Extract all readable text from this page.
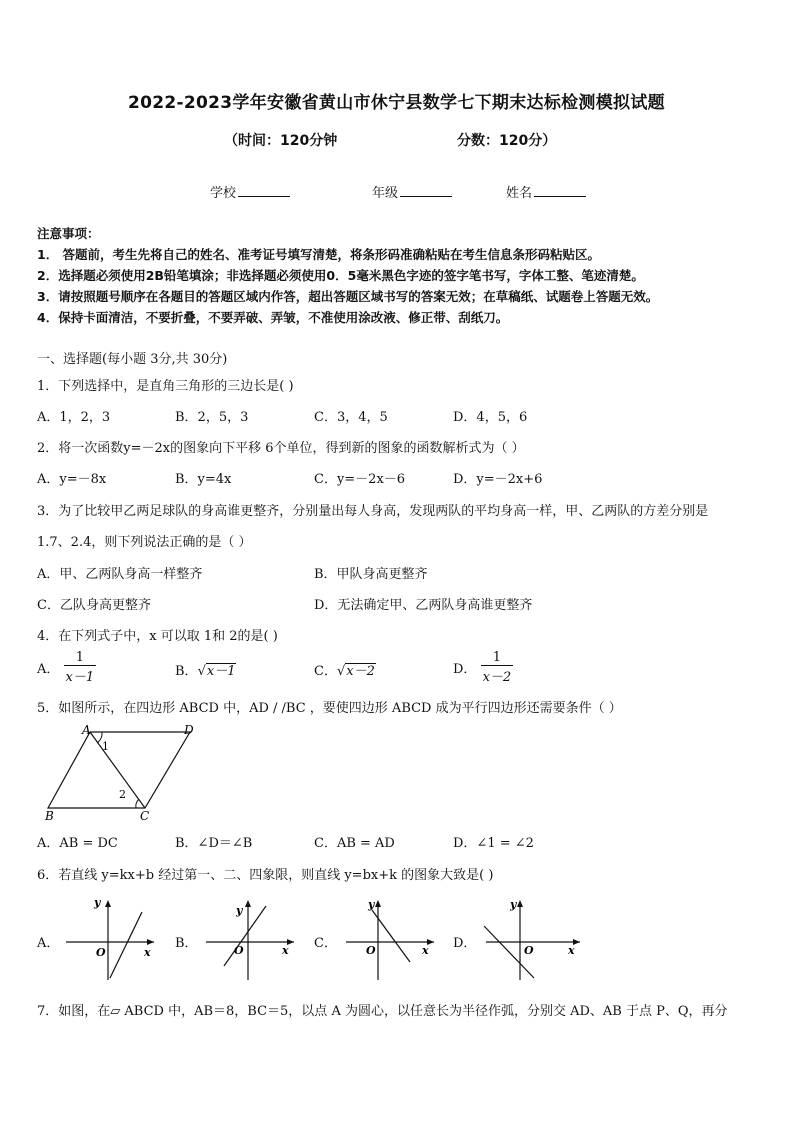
2022-2023学年安徽省黄山市休宁县数学七下期末达标检测模拟试题
（时间：120分钟	分数：120分）
学校	年级	姓名
注意事项：
1． 答题前，考生先将自己的姓名、准考证号填写清楚，将条形码准确粘贴在考生信息条形码粘贴区。
2．选择题必须使用2B铅笔填涂；非选择题必须使用0．5毫米黑色字迹的签字笔书写，字体工整、笔迹清楚。
3．请按照题号顺序在各题目的答题区域内作答，超出答题区域书写的答案无效；在草稿纸、试题卷上答题无效。
4．保持卡面清洁，不要折叠，不要弄破、弄皱，不准使用涂改液、修正带、刮纸刀。
一、选择题(每小题 3分,共 30分)
1．下列选择中，是直角三角形的三边长是( )
A．1，2，3	B．2，5，3	C．3，4，5	D．4，5，6
2．将一次函数y=－2x的图象向下平移 6个单位，得到新的图象的函数解析式为（ ）
A．y=－8x	B．y=4x	C．y=－2x－6	D．y=－2x+6
3．为了比较甲乙两足球队的身高谁更整齐，分别量出每人身高，发现两队的平均身高一样，甲、乙两队的方差分别是
1.7、2.4，则下列说法正确的是（ ）
A．甲、乙两队身高一样整齐	B．甲队身高更整齐
C．乙队身高更整齐	D．无法确定甲、乙两队身高谁更整齐
4．在下列式子中，x 可以取 1和 2的是( )
A． $\frac{1}{x-1}$	B．√x－1	C．√x－2	D． $\frac{1}{x-2}$
5．如图所示，在四边形 ABCD 中，AD / /BC ，要使四边形 ABCD 成为平行四边形还需要条件（ ）
A	D
B	C
1
2
A．AB = DC	B．∠D＝∠B	C．AB = AD	D．∠1 = ∠2
6．若直线 y=kx+b 经过第一、二、四象限，则直线 y=bx+k 的图象大致是( )
A．
y
x
O
B．
y
x
O	C．
y
x
O	D．
y
x
O
7．如图，在▱ ABCD 中，AB＝8，BC＝5，以点 A 为圆心，以任意长为半径作弧，分别交 AD、AB 于点 P、Q，再分
